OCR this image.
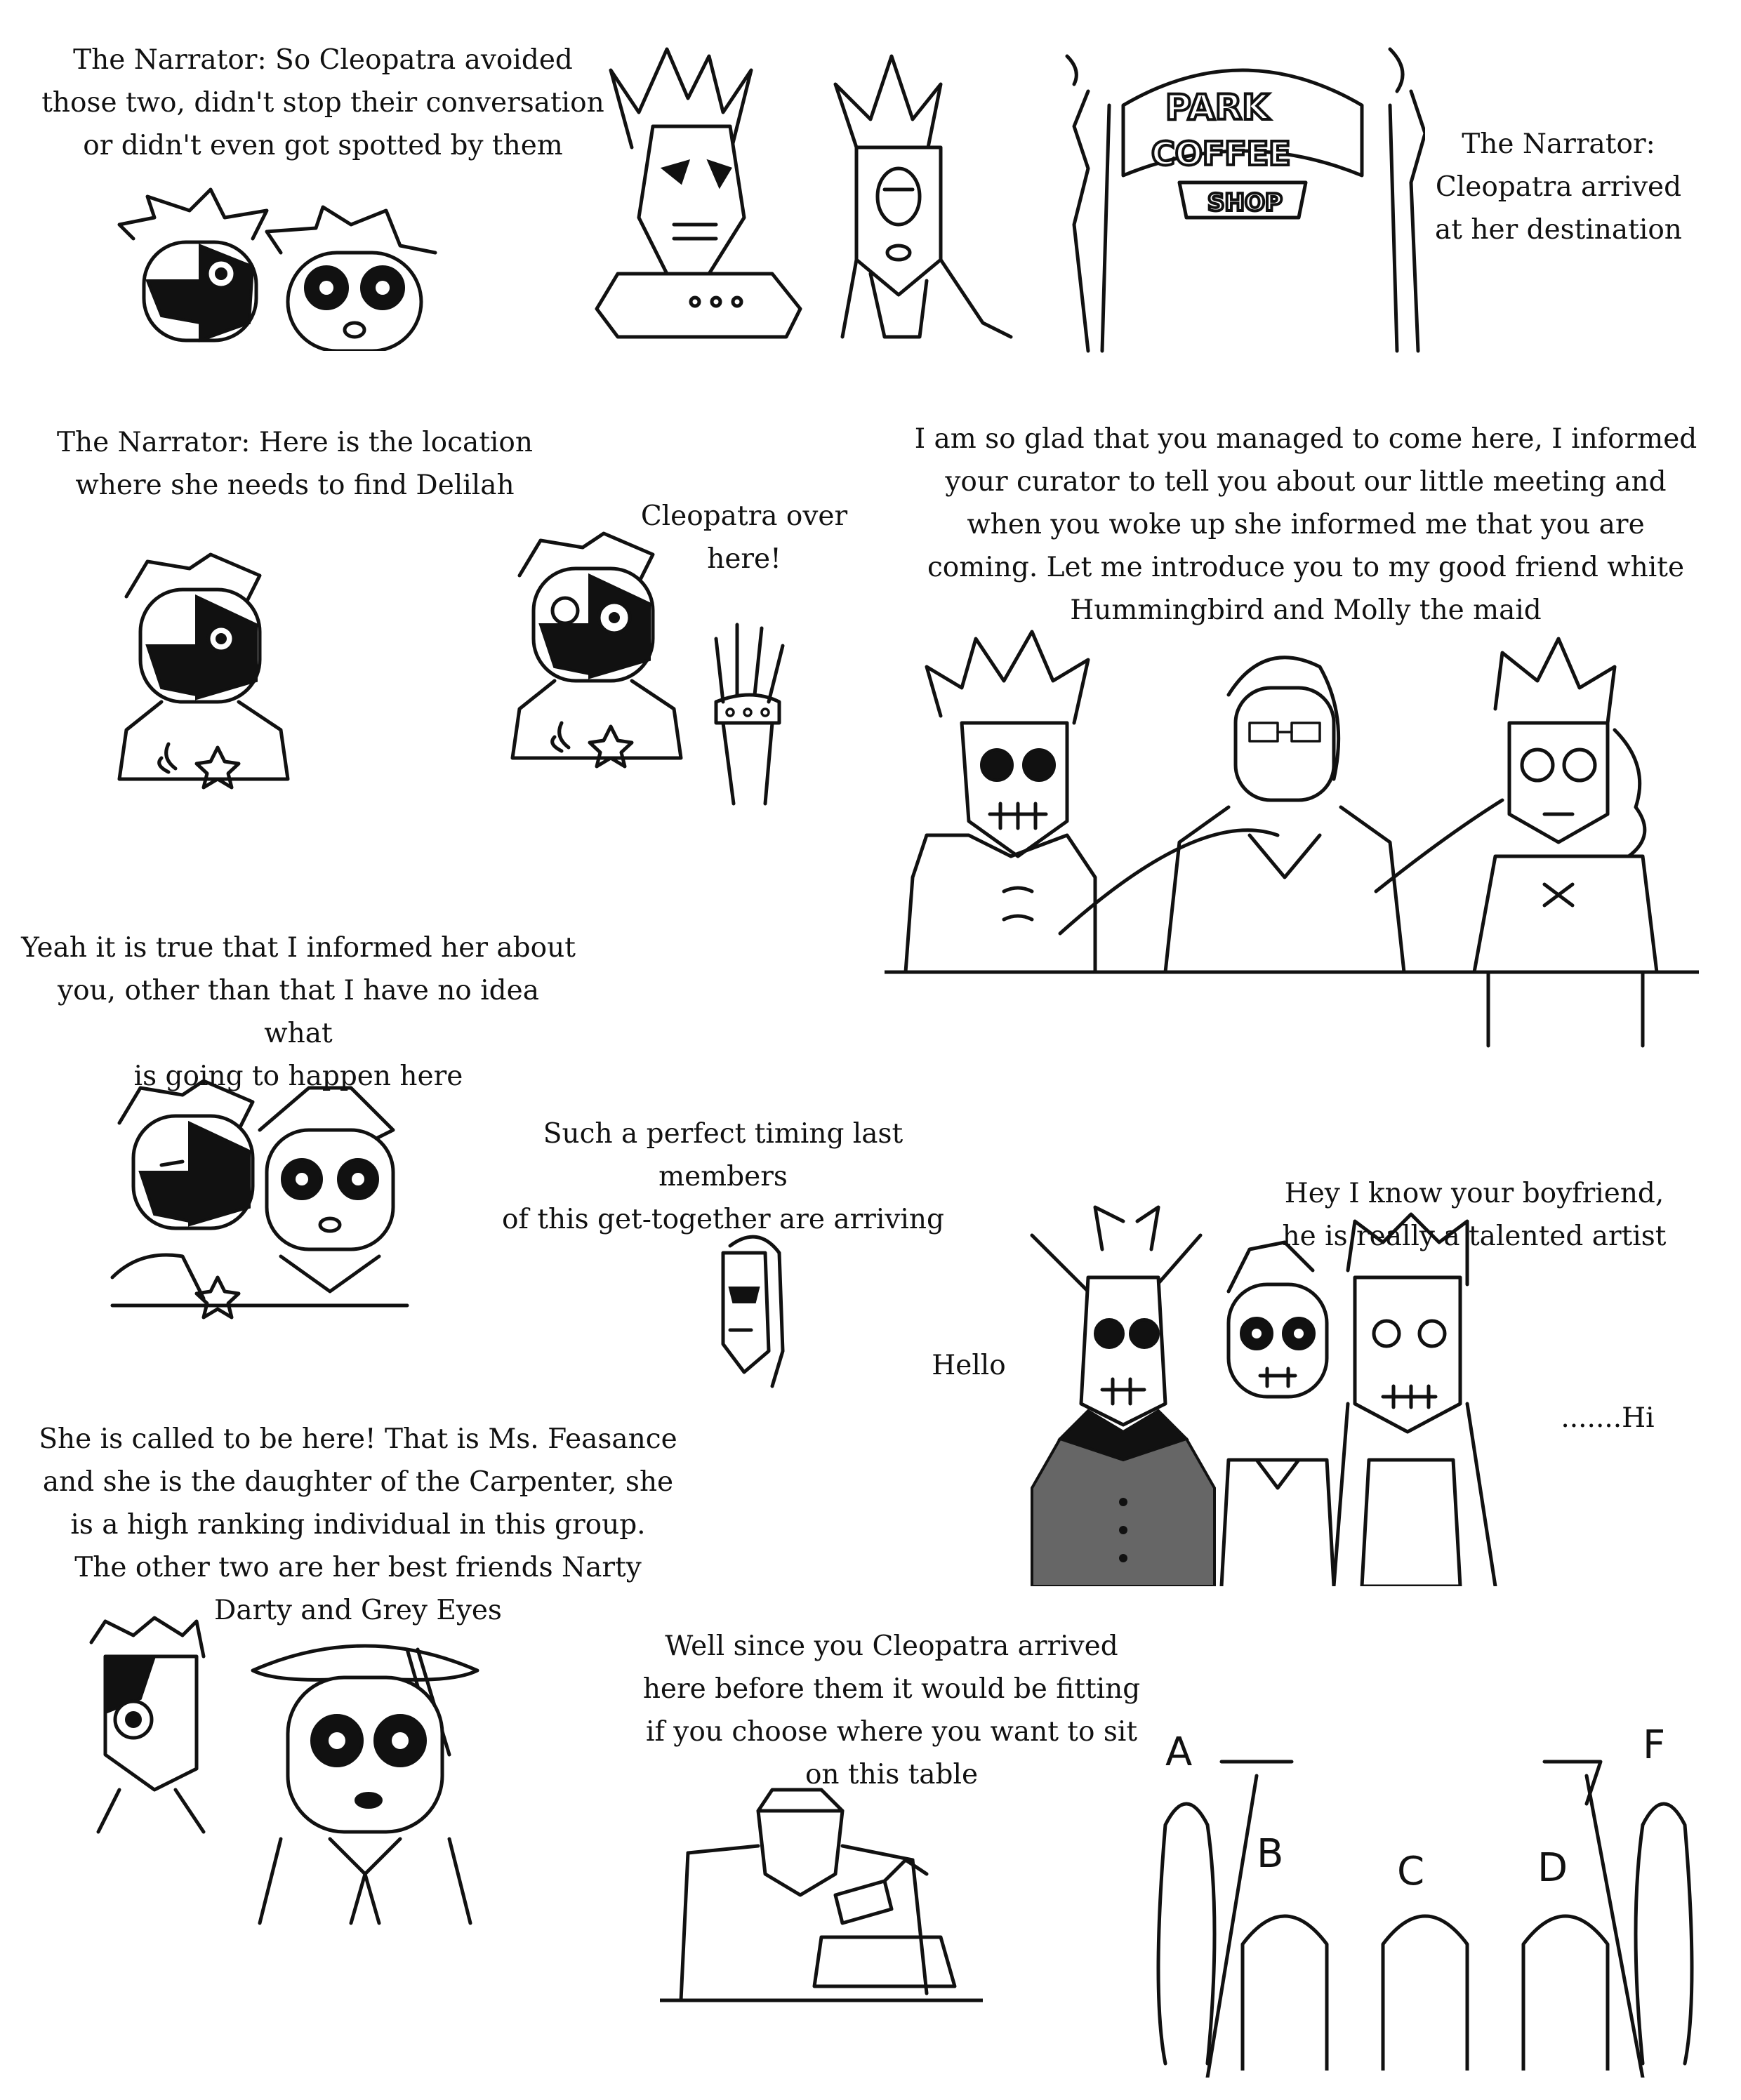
The Narrator: So Cleopatra avoided
those two, didn't stop their conversation
or didn't even got spotted by them
PARK
COFFEE
SHOP
The Narrator:
Cleopatra arrived
at her destination
The Narrator: Here is the location
where she needs to find Delilah
Cleopatra over
here!
I am so glad that you managed to come here, I informed
your curator to tell you about our little meeting and
when you woke up she informed me that you are
coming. Let me introduce you to my good friend white
Hummingbird and Molly the maid
Yeah it is true that I informed her about
you, other than that I have no idea what
is going to happen here
Such a perfect timing last members
of this get-together are arriving
Hey I know your boyfriend,
he is really a talented artist
Hello
.......Hi
She is called to be here! That is Ms. Feasance
and she is the daughter of the Carpenter, she
is a high ranking individual in this group.
The other two are her best friends Narty
Darty and Grey Eyes
Well since you Cleopatra arrived
here before them it would be fitting
if you choose where you want to sit
on this table	A
B	C	D
F
